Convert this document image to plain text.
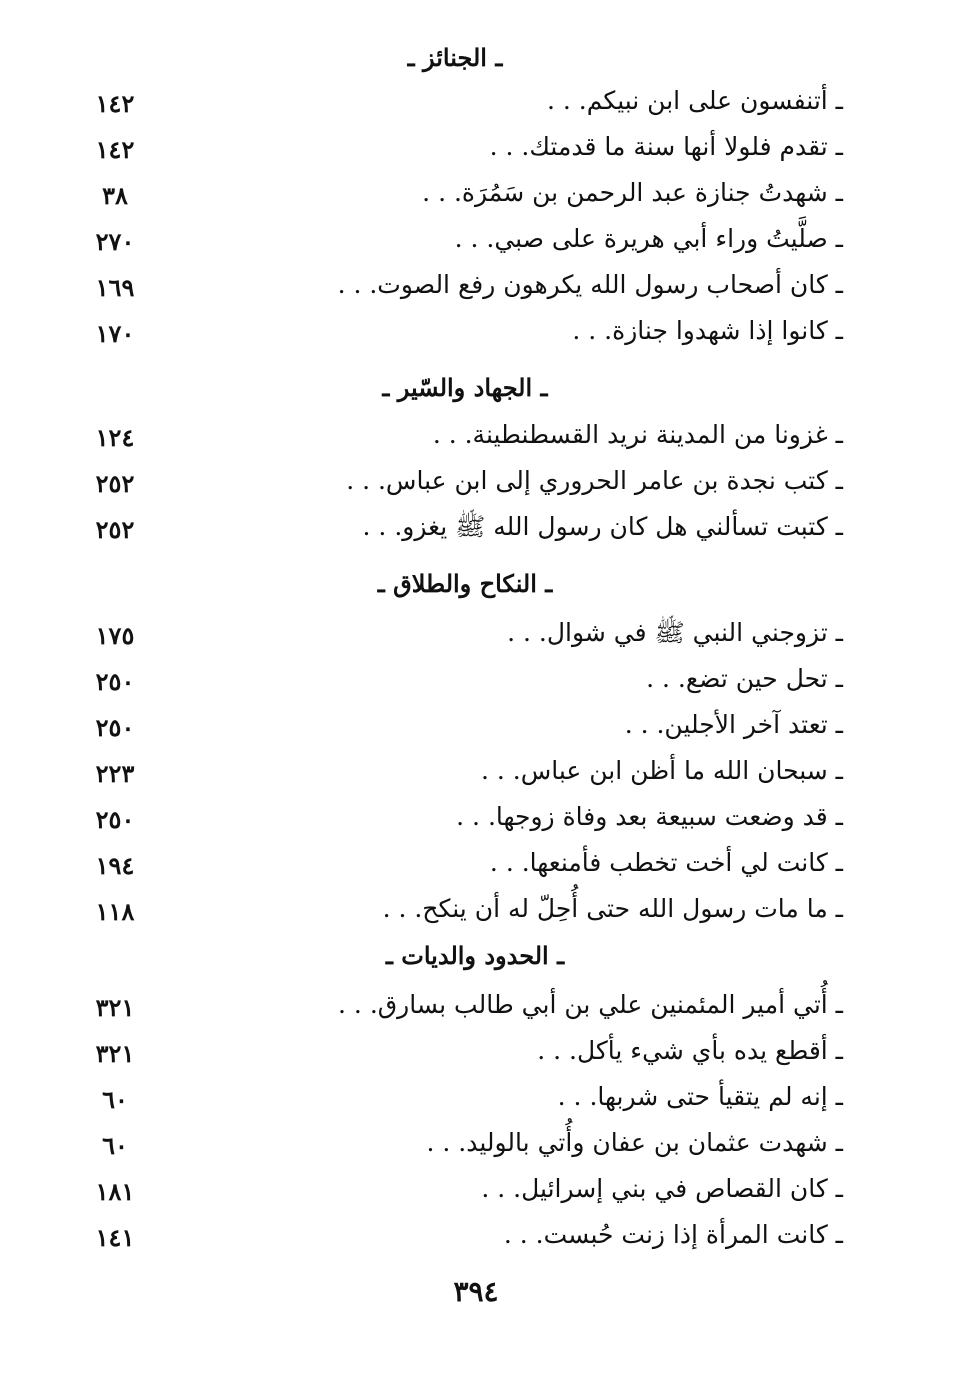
ـ الجنائز ـ
ـ أتنفسون على ابن نبيكم. . .
١٤٢
ـ تقدم فلولا أنها سنة ما قدمتك. . .
١٤٢
ـ شهدتُ جنازة عبد الرحمن بن سَمُرَة. . .
٣٨
ـ صلَّيتُ وراء أبي هريرة على صبي. . .
٢٧٠
ـ كان أصحاب رسول الله يكرهون رفع الصوت. . .
١٦٩
ـ كانوا إذا شهدوا جنازة. . .
١٧٠
ـ الجهاد والسّير ـ
ـ غزونا من المدينة نريد القسطنطينة. . .
١٢٤
ـ كتب نجدة بن عامر الحروري إلى ابن عباس. . .
٢٥٢
ـ كتبت تسألني هل كان رسول الله ﷺ يغزو. . .
٢٥٢
ـ النكاح والطلاق ـ
ـ تزوجني النبي ﷺ في شوال. . .
١٧٥
ـ تحل حين تضع. . .
٢٥٠
ـ تعتد آخر الأجلين. . .
٢٥٠
ـ سبحان الله ما أظن ابن عباس. . .
٢٢٣
ـ قد وضعت سبيعة بعد وفاة زوجها. . .
٢٥٠
ـ كانت لي أخت تخطب فأمنعها. . .
١٩٤
ـ ما مات رسول الله حتى أُحِلّ له أن ينكح. . .
١١٨
ـ الحدود والديات ـ
ـ أُتي أمير المئمنين علي بن أبي طالب بسارق. . .
٣٢١
ـ أقطع يده بأي شيء يأكل. . .
٣٢١
ـ إنه لم يتقيأ حتى شربها. . .
٦٠
ـ شهدت عثمان بن عفان وأُتي بالوليد. . .
٦٠
ـ كان القصاص في بني إسرائيل. . .
١٨١
ـ كانت المرأة إذا زنت حُبست. . .
١٤١
٣٩٤
